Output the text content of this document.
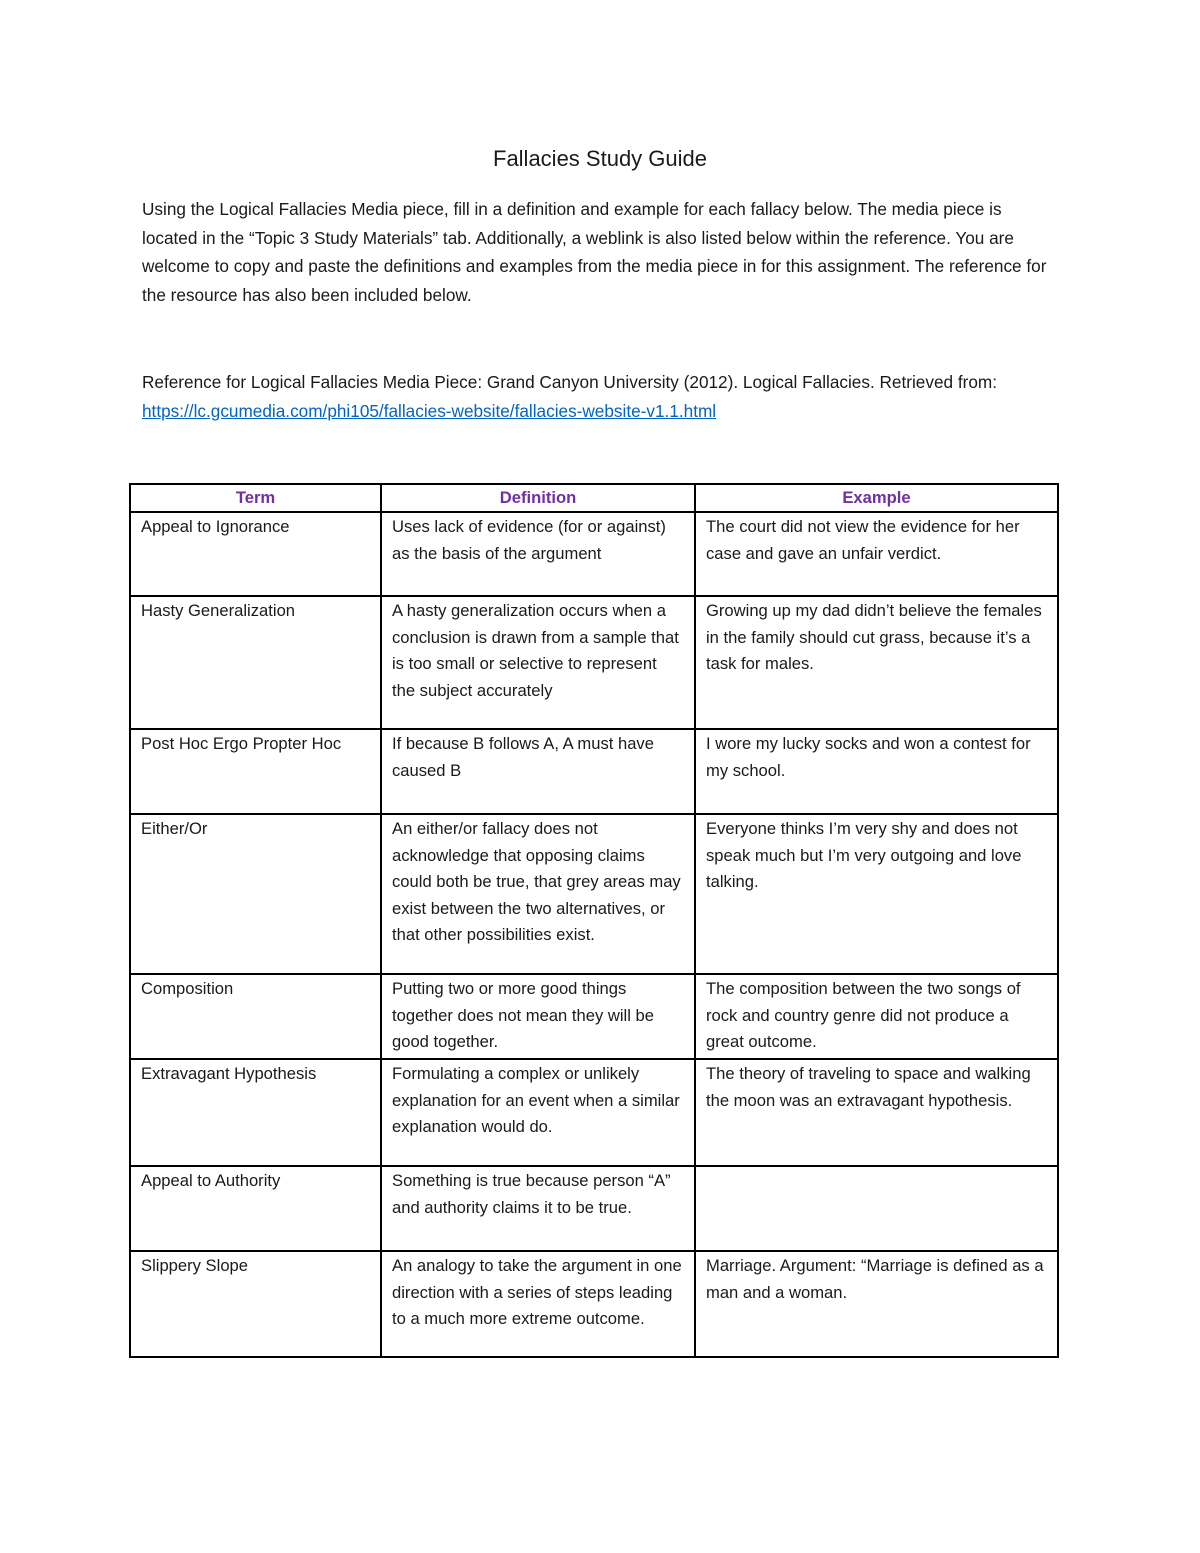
Fallacies Study Guide

Using the Logical Fallacies Media piece, fill in a definition and example for each fallacy below. The media piece is located in the “Topic 3 Study Materials” tab. Additionally, a weblink is also listed below within the reference. You are welcome to copy and paste the definitions and examples from the media piece in for this assignment. The reference for the resource has also been included below.

Reference for Logical Fallacies Media Piece: Grand Canyon University (2012). Logical Fallacies. Retrieved from: https://lc.gcumedia.com/phi105/fallacies-website/fallacies-website-v1.1.html

Term	Definition	Example
Appeal to Ignorance	Uses lack of evidence (for or against) as the basis of the argument	The court did not view the evidence for her case and gave an unfair verdict.
Hasty Generalization	A hasty generalization occurs when a conclusion is drawn from a sample that is too small or selective to represent the subject accurately	Growing up my dad didn’t believe the females in the family should cut grass, because it’s a task for males.
Post Hoc Ergo Propter Hoc	If because B follows A, A must have caused B	I wore my lucky socks and won a contest for my school.
Either/Or	An either/or fallacy does not acknowledge that opposing claims could both be true, that grey areas may exist between the two alternatives, or that other possibilities exist.	Everyone thinks I’m very shy and does not speak much but I’m very outgoing and love talking.
Composition	Putting two or more good things together does not mean they will be good together.	The composition between the two songs of rock and country genre did not produce a great outcome.
Extravagant Hypothesis	Formulating a complex or unlikely explanation for an event when a similar explanation would do.	The theory of traveling to space and walking the moon was an extravagant hypothesis.
Appeal to Authority	Something is true because person “A” and authority claims it to be true.	
Slippery Slope	An analogy to take the argument in one direction with a series of steps leading to a much more extreme outcome.	Marriage. Argument: “Marriage is defined as a man and a woman.
